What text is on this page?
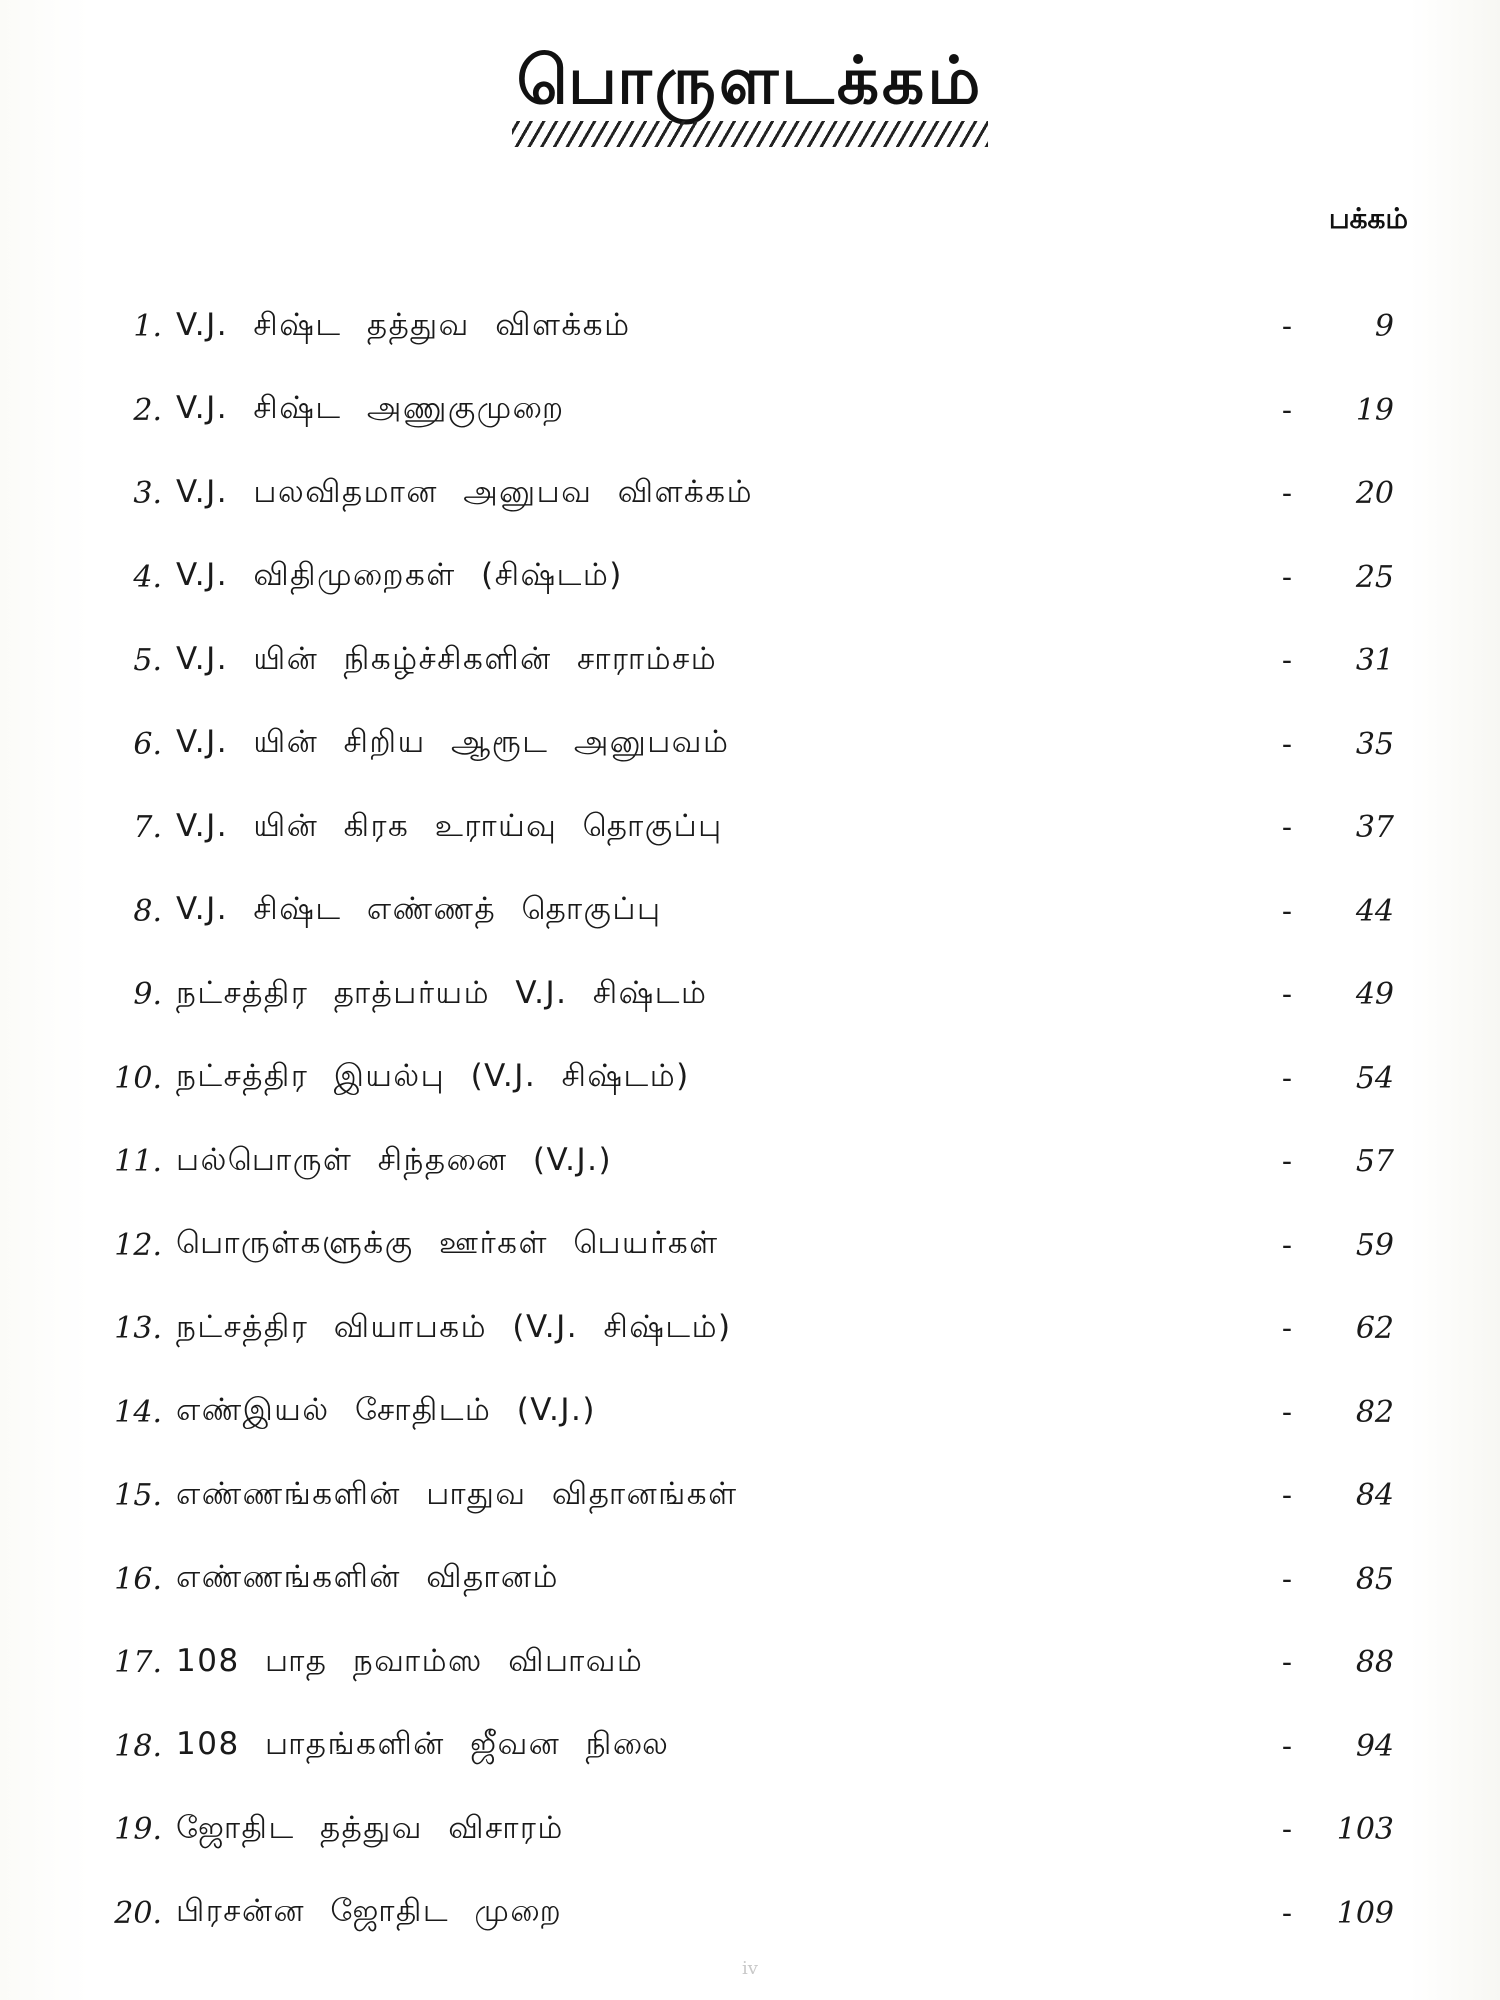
பொருளடக்கம்
பக்கம்
1. V.J. சிஷ்ட தத்துவ விளக்கம்	-	9
2. V.J. சிஷ்ட அணுகுமுறை	-	19
3. V.J. பலவிதமான அனுபவ விளக்கம்	-	20
4. V.J. விதிமுறைகள் (சிஷ்டம்)	-	25
5. V.J. யின் நிகழ்ச்சிகளின் சாராம்சம்	-	31
6. V.J. யின் சிறிய ஆரூட அனுபவம்	-	35
7. V.J. யின் கிரக உராய்வு தொகுப்பு	-	37
8. V.J. சிஷ்ட எண்ணத் தொகுப்பு	-	44
9. நட்சத்திர தாத்பர்யம் V.J. சிஷ்டம்	-	49
10. நட்சத்திர இயல்பு (V.J. சிஷ்டம்)	-	54
11. பல்பொருள் சிந்தனை (V.J.)	-	57
12. பொருள்களுக்கு ஊர்கள் பெயர்கள்	-	59
13. நட்சத்திர வியாபகம் (V.J. சிஷ்டம்)	-	62
14. எண்இயல் சோதிடம் (V.J.)	-	82
15. எண்ணங்களின் பாதுவ விதானங்கள்	-	84
16. எண்ணங்களின் விதானம்	-	85
17. 108 பாத நவாம்ஸ விபாவம்	-	88
18. 108 பாதங்களின் ஜீவன நிலை	-	94
19. ஜோதிட தத்துவ விசாரம்	-	103
20. பிரசன்ன ஜோதிட முறை	-	109
iv
